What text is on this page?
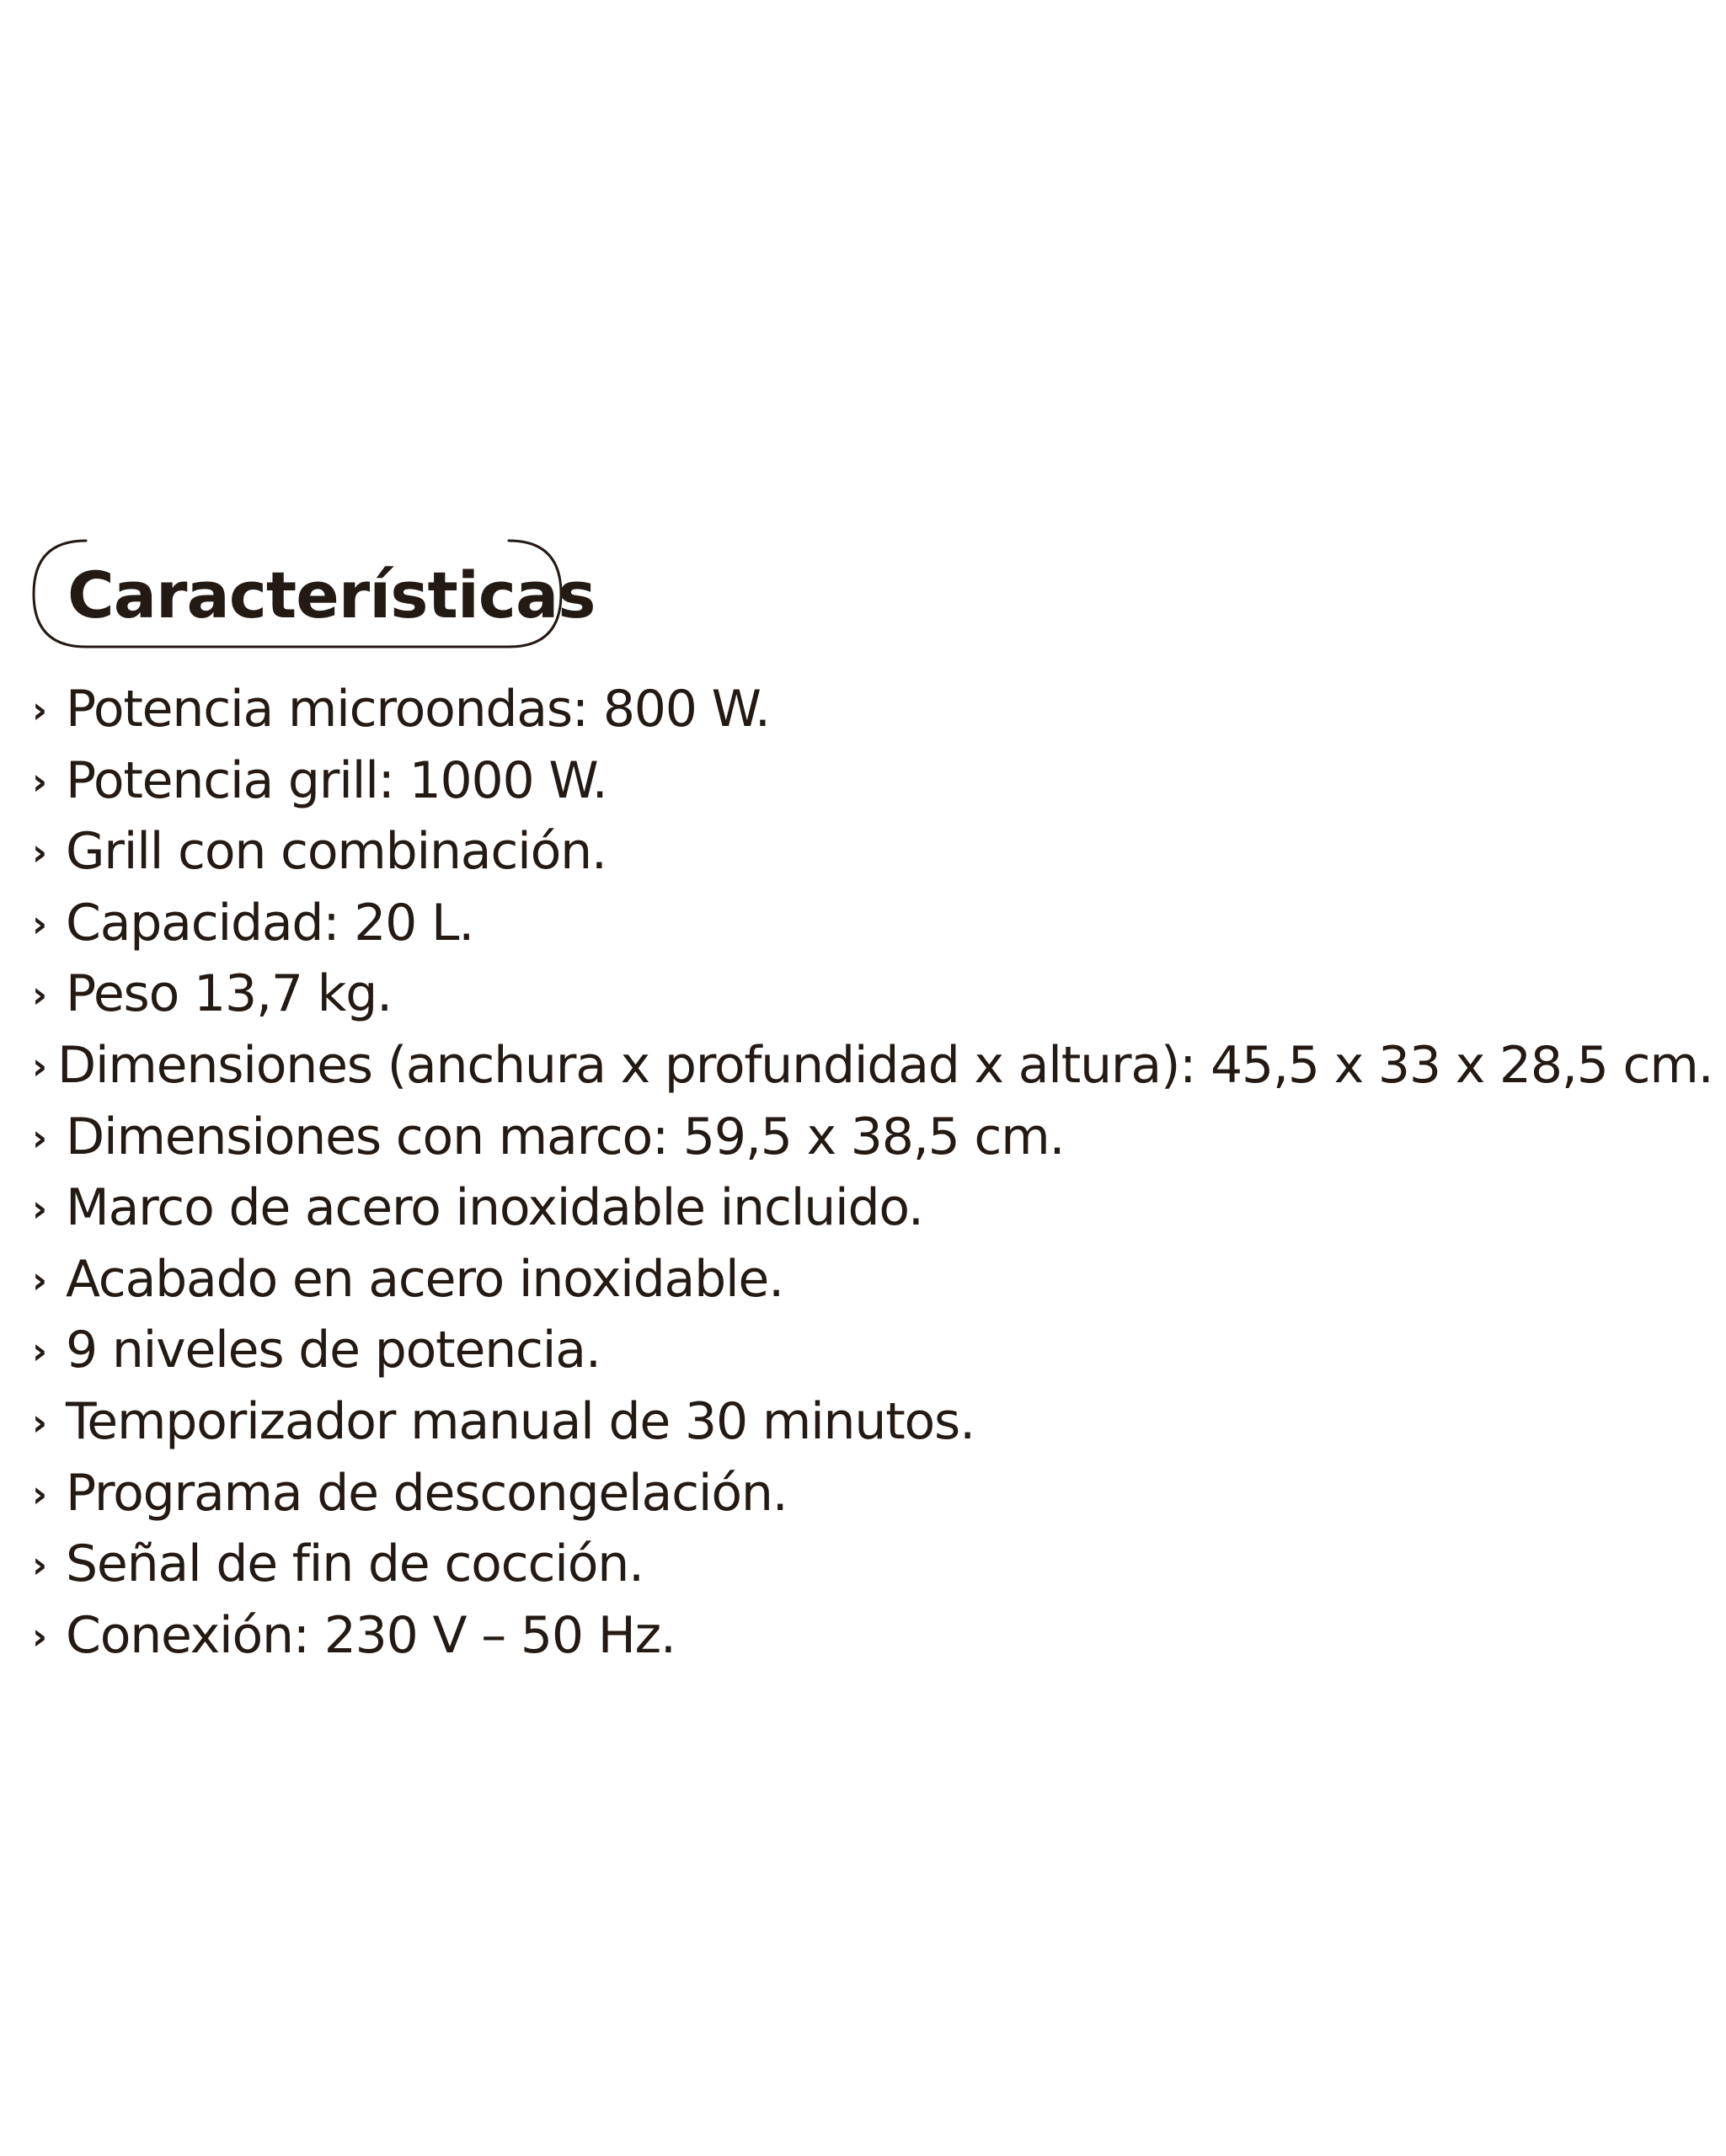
Características
› Potencia microondas: 800 W.
› Potencia grill: 1000 W.
› Grill con combinación.
› Capacidad: 20 L.
› Peso 13,7 kg.
› Dimensiones (anchura x profundidad x altura): 45,5 x 33 x 28,5 cm.
› Dimensiones con marco: 59,5 x 38,5 cm.
› Marco de acero inoxidable incluido.
› Acabado en acero inoxidable.
› 9 niveles de potencia.
› Temporizador manual de 30 minutos.
› Programa de descongelación.
› Señal de fin de cocción.
› Conexión: 230 V – 50 Hz.
